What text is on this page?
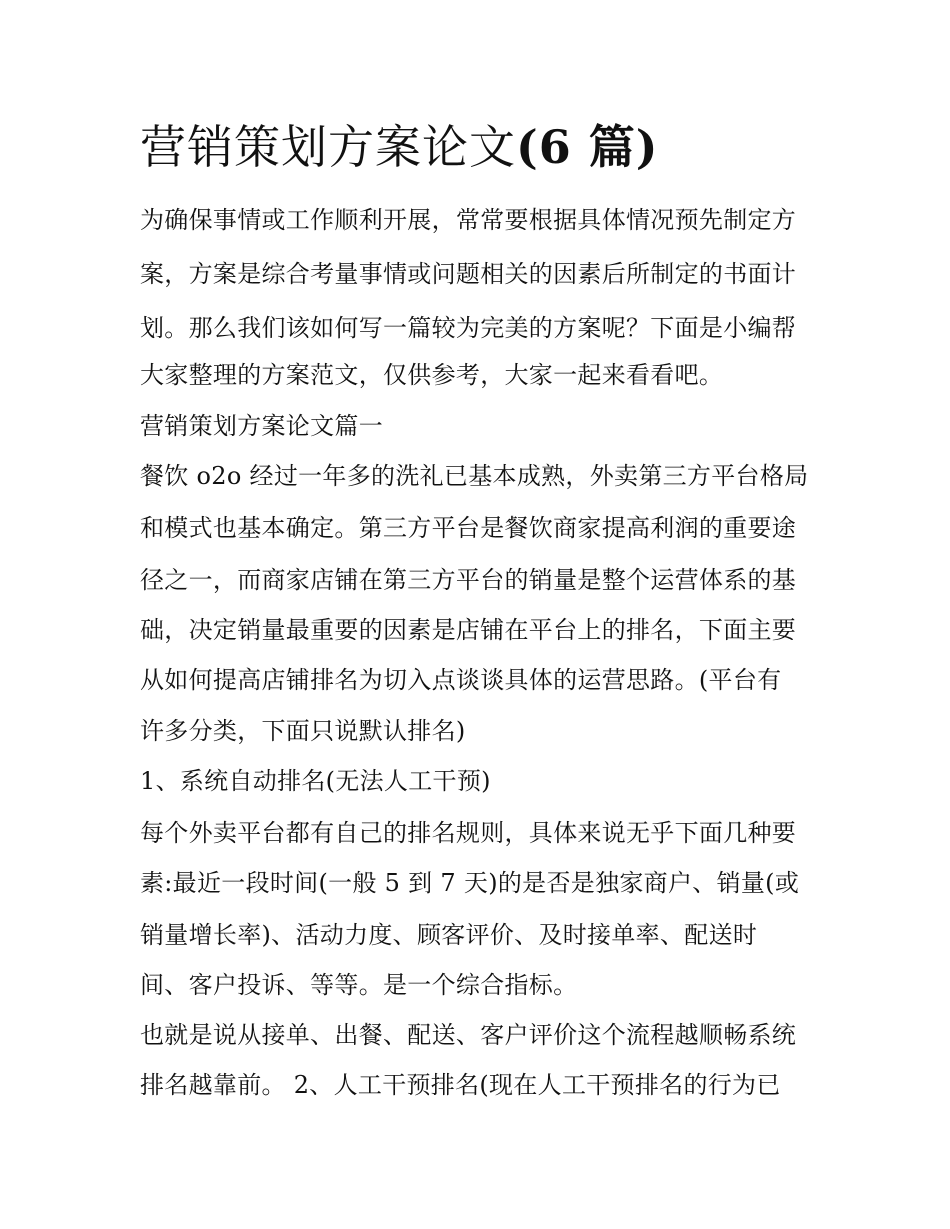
营销策划方案论文(6 篇)

为确保事情或工作顺利开展，常常要根据具体情况预先制定方

案，方案是综合考量事情或问题相关的因素后所制定的书面计

划。那么我们该如何写一篇较为完美的方案呢？下面是小编帮

大家整理的方案范文，仅供参考，大家一起来看看吧。

营销策划方案论文篇一

餐饮 o2o 经过一年多的洗礼已基本成熟，外卖第三方平台格局

和模式也基本确定。第三方平台是餐饮商家提高利润的重要途

径之一，而商家店铺在第三方平台的销量是整个运营体系的基

础，决定销量最重要的因素是店铺在平台上的排名，下面主要

从如何提高店铺排名为切入点谈谈具体的运营思路。(平台有

许多分类，下面只说默认排名)

1、系统自动排名(无法人工干预)

每个外卖平台都有自己的排名规则，具体来说无乎下面几种要

素:最近一段时间(一般 5 到 7 天)的是否是独家商户、销量(或

销量增长率)、活动力度、顾客评价、及时接单率、配送时

间、客户投诉、等等。是一个综合指标。

也就是说从接单、出餐、配送、客户评价这个流程越顺畅系统

排名越靠前。 2、人工干预排名(现在人工干预排名的行为已
